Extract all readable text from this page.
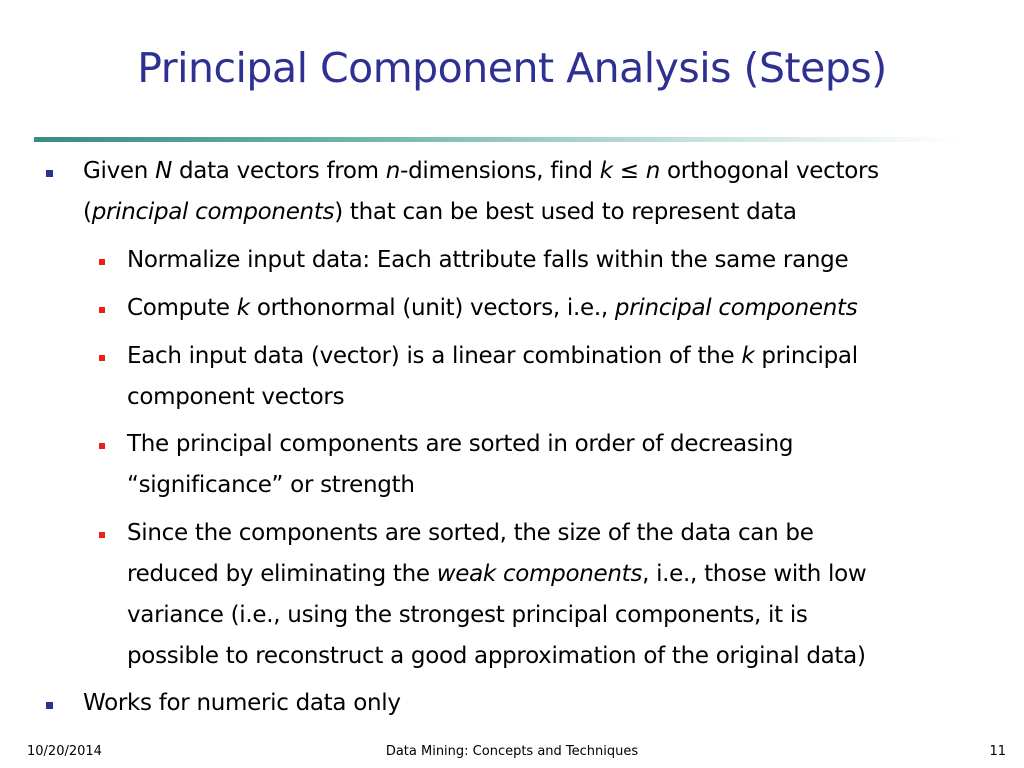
Principal Component Analysis (Steps)
Given N data vectors from n-dimensions, find k ≤ n orthogonal vectors
(principal components) that can be best used to represent data
Normalize input data: Each attribute falls within the same range
Compute k orthonormal (unit) vectors, i.e., principal components
Each input data (vector) is a linear combination of the k principal
component vectors
The principal components are sorted in order of decreasing
“significance” or strength
Since the components are sorted, the size of the data can be
reduced by eliminating the weak components, i.e., those with low
variance (i.e., using the strongest principal components, it is
possible to reconstruct a good approximation of the original data)
Works for numeric data only
10/20/2014	Data Mining: Concepts and Techniques	11
